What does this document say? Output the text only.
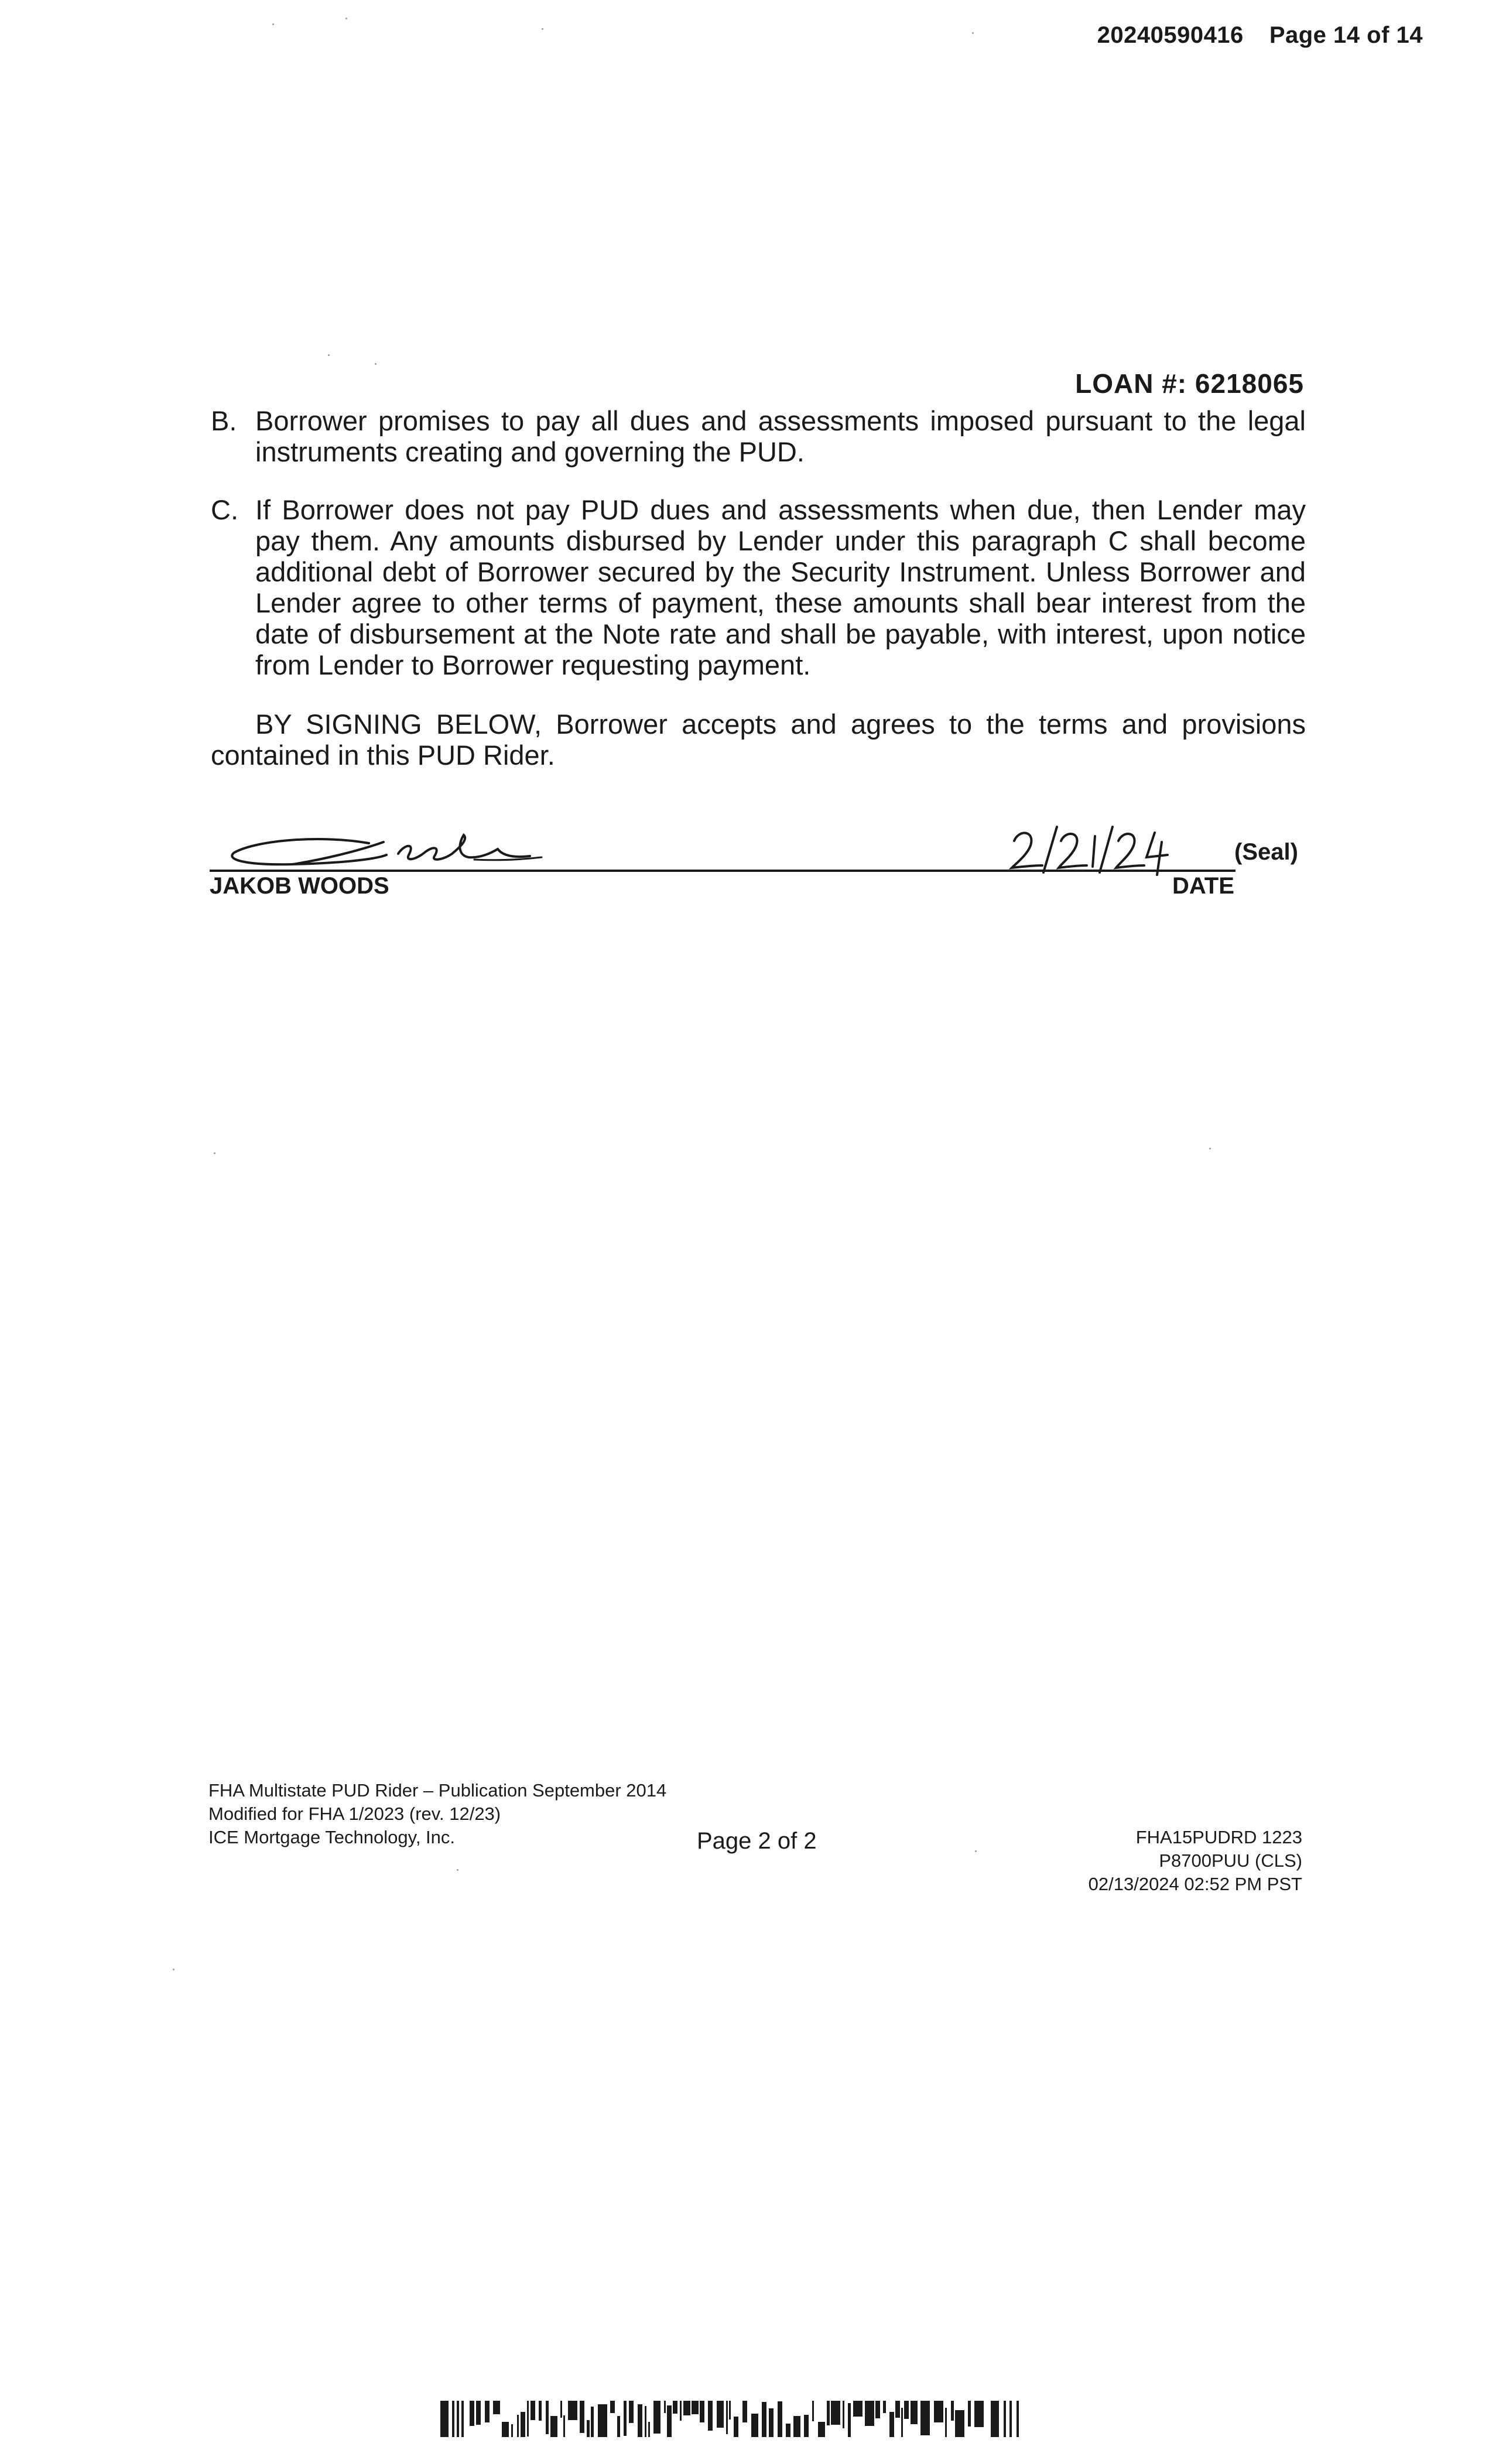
20240590416 Page 14 of 14
LOAN #: 6218065
B. Borrower promises to pay all dues and assessments imposed pursuant to the legal instruments creating and governing the PUD.
C. If Borrower does not pay PUD dues and assessments when due, then Lender may pay them. Any amounts disbursed by Lender under this paragraph C shall become additional debt of Borrower secured by the Security Instrument. Unless Borrower and Lender agree to other terms of payment, these amounts shall bear interest from the date of disbursement at the Note rate and shall be payable, with interest, upon notice from Lender to Borrower requesting payment.
BY SIGNING BELOW, Borrower accepts and agrees to the terms and provisions contained in this PUD Rider.
(Seal)
JAKOB WOODS	DATE
FHA Multistate PUD Rider – Publication September 2014
Modified for FHA 1/2023 (rev. 12/23)
ICE Mortgage Technology, Inc.	Page 2 of 2	FHA15PUDRD 1223
P8700PUU (CLS)
02/13/2024 02:52 PM PST
